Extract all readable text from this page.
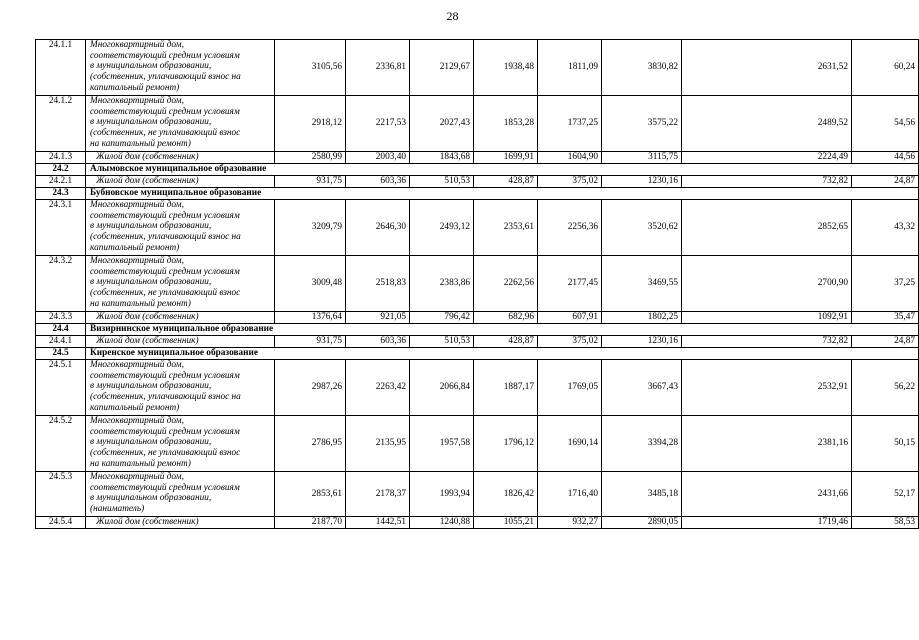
28
24.1.1	Многоквартирный дом,
соответствующий средним условиям
в муниципальном образовании,
(собственник, уплачивающий взнос на
капитальный ремонт)	3105,56	2336,81	2129,67	1938,48	1811,09	3830,82	2631,52	60,24
24.1.2	Многоквартирный дом,
соответствующий средним условиям
в муниципальном образовании,
(собственник, не уплачивающий взнос
на капитальный ремонт)	2918,12	2217,53	2027,43	1853,28	1737,25	3575,22	2489,52	54,56
24.1.3	Жилой дом (собственник)	2580,99	2003,40	1843,68	1699,91	1604,90	3115,75	2224,49	44,56
24.2	Алымовское муниципальное образование								
24.2.1	Жилой дом (собственник)	931,75	603,36	510,53	428,87	375,02	1230,16	732,82	24,87
24.3	Бубновское муниципальное образование								
24.3.1	Многоквартирный дом,
соответствующий средним условиям
в муниципальном образовании,
(собственник, уплачивающий взнос на
капитальный ремонт)	3209,79	2646,30	2493,12	2353,61	2256,36	3520,62	2852,65	43,32
24.3.2	Многоквартирный дом,
соответствующий средним условиям
в муниципальном образовании,
(собственник, не уплачивающий взнос
на капитальный ремонт)	3009,48	2518,83	2383,86	2262,56	2177,45	3469,55	2700,90	37,25
24.3.3	Жилой дом (собственник)	1376,64	921,05	796,42	682,96	607,91	1802,25	1092,91	35,47
24.4	Визирнинское муниципальное образование								
24.4.1	Жилой дом (собственник)	931,75	603,36	510,53	428,87	375,02	1230,16	732,82	24,87
24.5	Киренское муниципальное образование								
24.5.1	Многоквартирный дом,
соответствующий средним условиям
в муниципальном образовании,
(собственник, уплачивающий взнос на
капитальный ремонт)	2987,26	2263,42	2066,84	1887,17	1769,05	3667,43	2532,91	56,22
24.5.2	Многоквартирный дом,
соответствующий средним условиям
в муниципальном образовании,
(собственник, не уплачивающий взнос
на капитальный ремонт)	2786,95	2135,95	1957,58	1796,12	1690,14	3394,28	2381,16	50,15
24.5.3	Многоквартирный дом,
соответствующий средним условиям
в муниципальном образовании,
(наниматель)	2853,61	2178,37	1993,94	1826,42	1716,40	3485,18	2431,66	52,17
24.5.4	Жилой дом (собственник)	2187,70	1442,51	1240,88	1055,21	932,27	2890,05	1719,46	58,53
